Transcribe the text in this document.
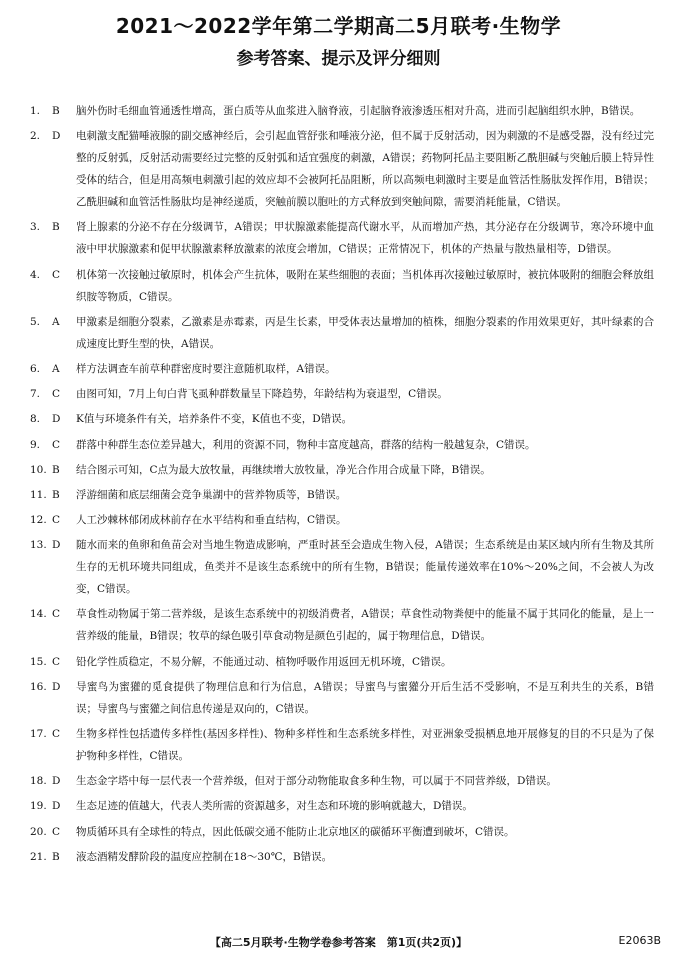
2021～2022学年第二学期高二5月联考·生物学
参考答案、提示及评分细则
1.	B	脑外伤时毛细血管通透性增高，蛋白质等从血浆进入脑脊液，引起脑脊液渗透压相对升高，进而引起脑组织水肿，B错误。
2.	D	电刺激支配猫唾液腺的副交感神经后，会引起血管舒张和唾液分泌，但不属于反射活动，因为刺激的不是感受器，没有经过完整的反射弧，反射活动需要经过完整的反射弧和适宜强度的刺激，A错误；药物阿托品主要阻断乙酰胆碱与突触后膜上特异性受体的结合，但是用高频电刺激引起的效应却不会被阿托品阻断，所以高频电刺激时主要是血管活性肠肽发挥作用，B错误；乙酰胆碱和血管活性肠肽均是神经递质，突触前膜以胞吐的方式释放到突触间隙，需要消耗能量，C错误。
3.	B	肾上腺素的分泌不存在分级调节，A错误；甲状腺激素能提高代谢水平，从而增加产热，其分泌存在分级调节，寒冷环境中血液中甲状腺激素和促甲状腺激素释放激素的浓度会增加，C错误；正常情况下，机体的产热量与散热量相等，D错误。
4.	C	机体第一次接触过敏原时，机体会产生抗体，吸附在某些细胞的表面；当机体再次接触过敏原时，被抗体吸附的细胞会释放组织胺等物质，C错误。
5.	A	甲激素是细胞分裂素，乙激素是赤霉素，丙是生长素，甲受体表达量增加的植株，细胞分裂素的作用效果更好，其叶绿素的合成速度比野生型的快，A错误。
6.	A	样方法调查车前草种群密度时要注意随机取样，A错误。
7.	C	由图可知，7月上旬白背飞虱种群数量呈下降趋势，年龄结构为衰退型，C错误。
8.	D	K值与环境条件有关，培养条件不变，K值也不变，D错误。
9.	C	群落中种群生态位差异越大，利用的资源不同，物种丰富度越高，群落的结构一般越复杂，C错误。
10. B	结合图示可知，C点为最大放牧量，再继续增大放牧量，净光合作用合成量下降，B错误。
11. B	浮游细菌和底层细菌会竞争巢湖中的营养物质等，B错误。
12. C	人工沙棘林郁闭成林前存在水平结构和垂直结构，C错误。
13. D	随水而来的鱼卵和鱼苗会对当地生物造成影响，严重时甚至会造成生物入侵，A错误；生态系统是由某区域内所有生物及其所生存的无机环境共同组成，鱼类并不是该生态系统中的所有生物，B错误；能量传递效率在10%～20%之间，不会被人为改变，C错误。
14. C	草食性动物属于第二营养级，是该生态系统中的初级消费者，A错误；草食性动物粪便中的能量不属于其同化的能量，是上一营养级的能量，B错误；牧草的绿色吸引草食动物是颜色引起的，属于物理信息，D错误。
15. C	铅化学性质稳定，不易分解，不能通过动、植物呼吸作用返回无机环境，C错误。
16. D	导蜜鸟为蜜獾的觅食提供了物理信息和行为信息，A错误；导蜜鸟与蜜獾分开后生活不受影响，不是互利共生的关系，B错误；导蜜鸟与蜜獾之间信息传递是双向的，C错误。
17. C	生物多样性包括遗传多样性(基因多样性)、物种多样性和生态系统多样性，对亚洲象受损栖息地开展修复的目的不只是为了保护物种多样性，C错误。
18. D	生态金字塔中每一层代表一个营养级，但对于部分动物能取食多种生物，可以属于不同营养级，D错误。
19. D	生态足迹的值越大，代表人类所需的资源越多，对生态和环境的影响就越大，D错误。
20. C	物质循环具有全球性的特点，因此低碳交通不能防止北京地区的碳循环平衡遭到破坏，C错误。
21. B	液态酒精发酵阶段的温度应控制在18～30℃，B错误。
【高二5月联考·生物学卷参考答案　第1页(共2页)】	E2063B
